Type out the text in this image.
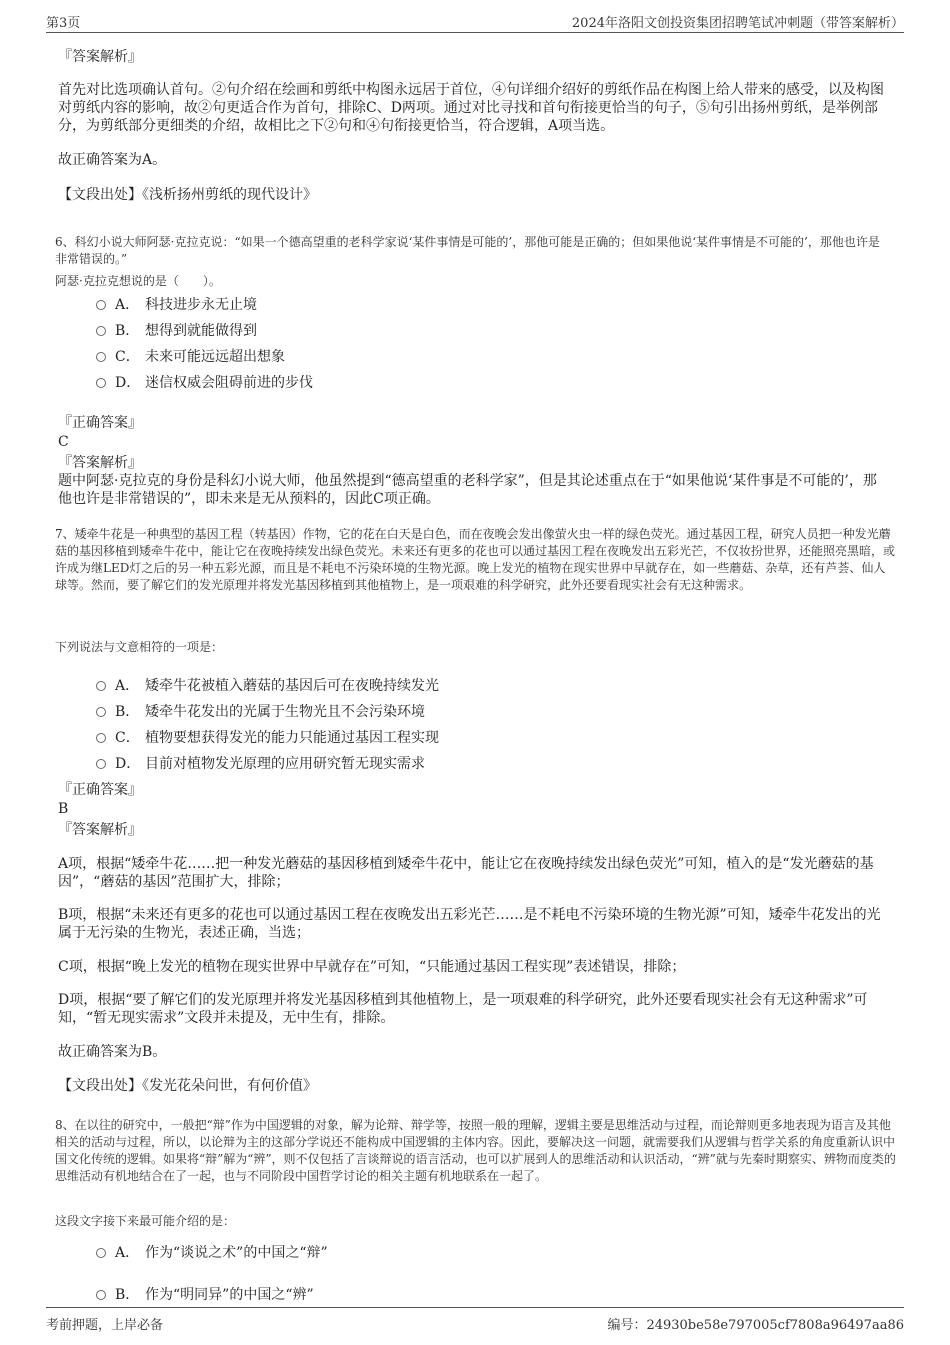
第3页	2024年洛阳文创投资集团招聘笔试冲刺题（带答案解析）
『答案解析』
首先对比选项确认首句。②句介绍在绘画和剪纸中构图永远居于首位，④句详细介绍好的剪纸作品在构图上给人带来的感受，以及构图对剪纸内容的影响，故②句更适合作为首句，排除C、D两项。通过对比寻找和首句衔接更恰当的句子，⑤句引出扬州剪纸，是举例部分，为剪纸部分更细类的介绍，故相比之下②句和④句衔接更恰当，符合逻辑，A项当选。
故正确答案为A。
【文段出处】《浅析扬州剪纸的现代设计》
6、科幻小说大师阿瑟·克拉克说：“如果一个德高望重的老科学家说‘某件事情是可能的’，那他可能是正确的；但如果他说‘某件事情是不可能的’，那他也许是非常错误的。”
阿瑟·克拉克想说的是（　　）。
A． 科技进步永无止境
B． 想得到就能做得到
C． 未来可能远远超出想象
D． 迷信权威会阻碍前进的步伐
『正确答案』
C
『答案解析』
题中阿瑟·克拉克的身份是科幻小说大师，他虽然提到“德高望重的老科学家”，但是其论述重点在于“如果他说‘某件事是不可能的’，那他也许是非常错误的”，即未来是无从预料的，因此C项正确。
7、矮牵牛花是一种典型的基因工程（转基因）作物，它的花在白天是白色，而在夜晚会发出像萤火虫一样的绿色荧光。通过基因工程，研究人员把一种发光蘑菇的基因移植到矮牵牛花中，能让它在夜晚持续发出绿色荧光。未来还有更多的花也可以通过基因工程在夜晚发出五彩光芒，不仅妆扮世界，还能照亮黑暗，或许成为继LED灯之后的另一种五彩光源，而且是不耗电不污染环境的生物光源。晚上发光的植物在现实世界中早就存在，如一些蘑菇、杂草，还有芦荟、仙人球等。然而，要了解它们的发光原理并将发光基因移植到其他植物上，是一项艰难的科学研究，此外还要看现实社会有无这种需求。
下列说法与文意相符的一项是：
A． 矮牵牛花被植入蘑菇的基因后可在夜晚持续发光
B． 矮牵牛花发出的光属于生物光且不会污染环境
C． 植物要想获得发光的能力只能通过基因工程实现
D． 目前对植物发光原理的应用研究暂无现实需求
『正确答案』
B
『答案解析』
A项，根据“矮牵牛花……把一种发光蘑菇的基因移植到矮牵牛花中，能让它在夜晚持续发出绿色荧光”可知，植入的是“发光蘑菇的基因”，“蘑菇的基因”范围扩大，排除；
B项，根据“未来还有更多的花也可以通过基因工程在夜晚发出五彩光芒……是不耗电不污染环境的生物光源”可知，矮牵牛花发出的光属于无污染的生物光，表述正确，当选；
C项，根据“晚上发光的植物在现实世界中早就存在”可知，“只能通过基因工程实现”表述错误，排除；
D项，根据“要了解它们的发光原理并将发光基因移植到其他植物上，是一项艰难的科学研究，此外还要看现实社会有无这种需求”可知，“暂无现实需求”文段并未提及，无中生有，排除。
故正确答案为B。
【文段出处】《发光花朵问世，有何价值》
8、在以往的研究中，一般把“辩”作为中国逻辑的对象，解为论辩、辩学等，按照一般的理解，逻辑主要是思维活动与过程，而论辩则更多地表现为语言及其他相关的活动与过程，所以，以论辩为主的这部分学说还不能构成中国逻辑的主体内容。因此，要解决这一问题，就需要我们从逻辑与哲学关系的角度重新认识中国文化传统的逻辑。如果将“辩”解为“辨”，则不仅包括了言谈辩说的语言活动，也可以扩展到人的思维活动和认识活动，“辨”就与先秦时期察实、辨物而度类的思维活动有机地结合在了一起，也与不同阶段中国哲学讨论的相关主题有机地联系在一起了。
这段文字接下来最可能介绍的是：
A． 作为“谈说之术”的中国之“辩”
B． 作为“明同异”的中国之“辨”
考前押题，上岸必备	编号：24930be58e797005cf7808a96497aa86
